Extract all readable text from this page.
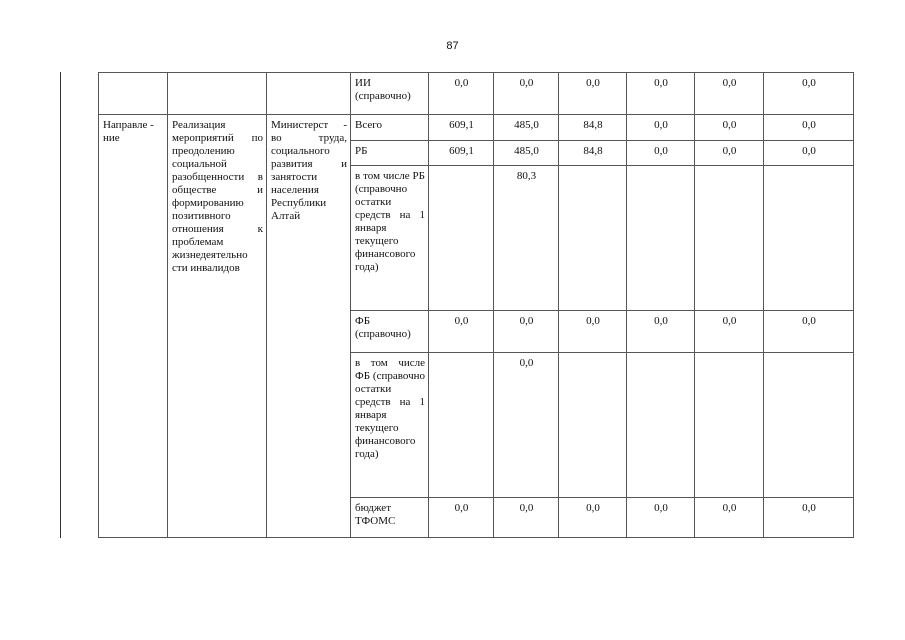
87
			ИИ (справочно)	0,0	0,0	0,0	0,0	0,0	0,0
Направле - ние	Реализация мероприятий по преодолению социальной разобщенности в обществе и формированию позитивного отношения к проблемам жизнедеятельно сти инвалидов	Министерст - во труда, социального развития и занятости населения Республики Алтай	Всего	609,1	485,0	84,8	0,0	0,0	0,0
			РБ	609,1	485,0	84,8	0,0	0,0	0,0
			в том числе РБ (справочно остатки средств на 1 января текущего финансового года)		80,3				
			ФБ (справочно)	0,0	0,0	0,0	0,0	0,0	0,0
			в том числе ФБ (справочно остатки средств на 1 января текущего финансового года)		0,0				
			бюджет ТФОМС	0,0	0,0	0,0	0,0	0,0	0,0
